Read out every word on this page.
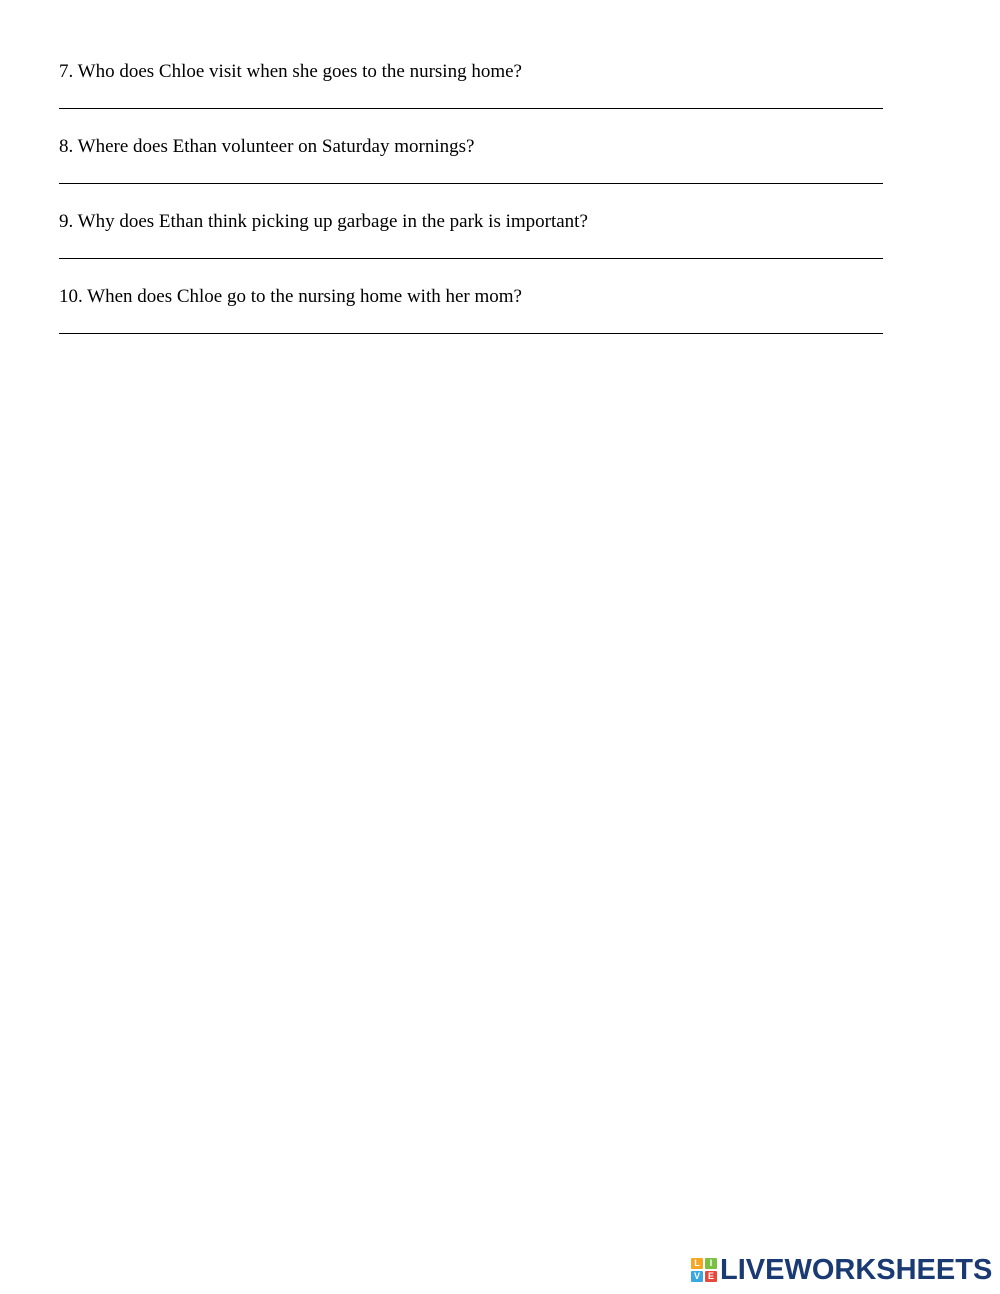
7. Who does Chloe visit when she goes to the nursing home?
8. Where does Ethan volunteer on Saturday mornings?
9. Why does Ethan think picking up garbage in the park is important?
10. When does Chloe go to the nursing home with her mom?
L	I
V E LIVEWORKSHEETS
